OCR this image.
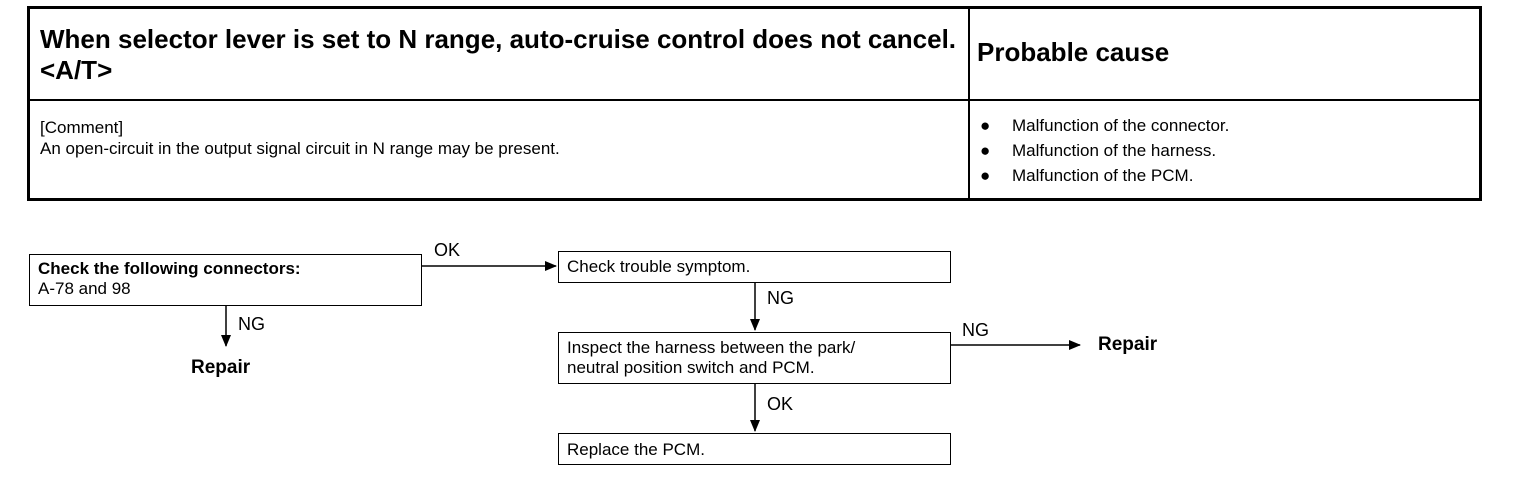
When selector lever is set to N range, auto-cruise control does not cancel. <A/T>
Probable cause
[Comment]
An open-circuit in the output signal circuit in N range may be present.
● Malfunction of the connector.
● Malfunction of the harness.
● Malfunction of the PCM.
Check the following connectors:
A-78 and 98
Check trouble symptom.
Inspect the harness between the park/
neutral position switch and PCM.
Replace the PCM.
OK
NG
NG
NG
OK
Repair
Repair
